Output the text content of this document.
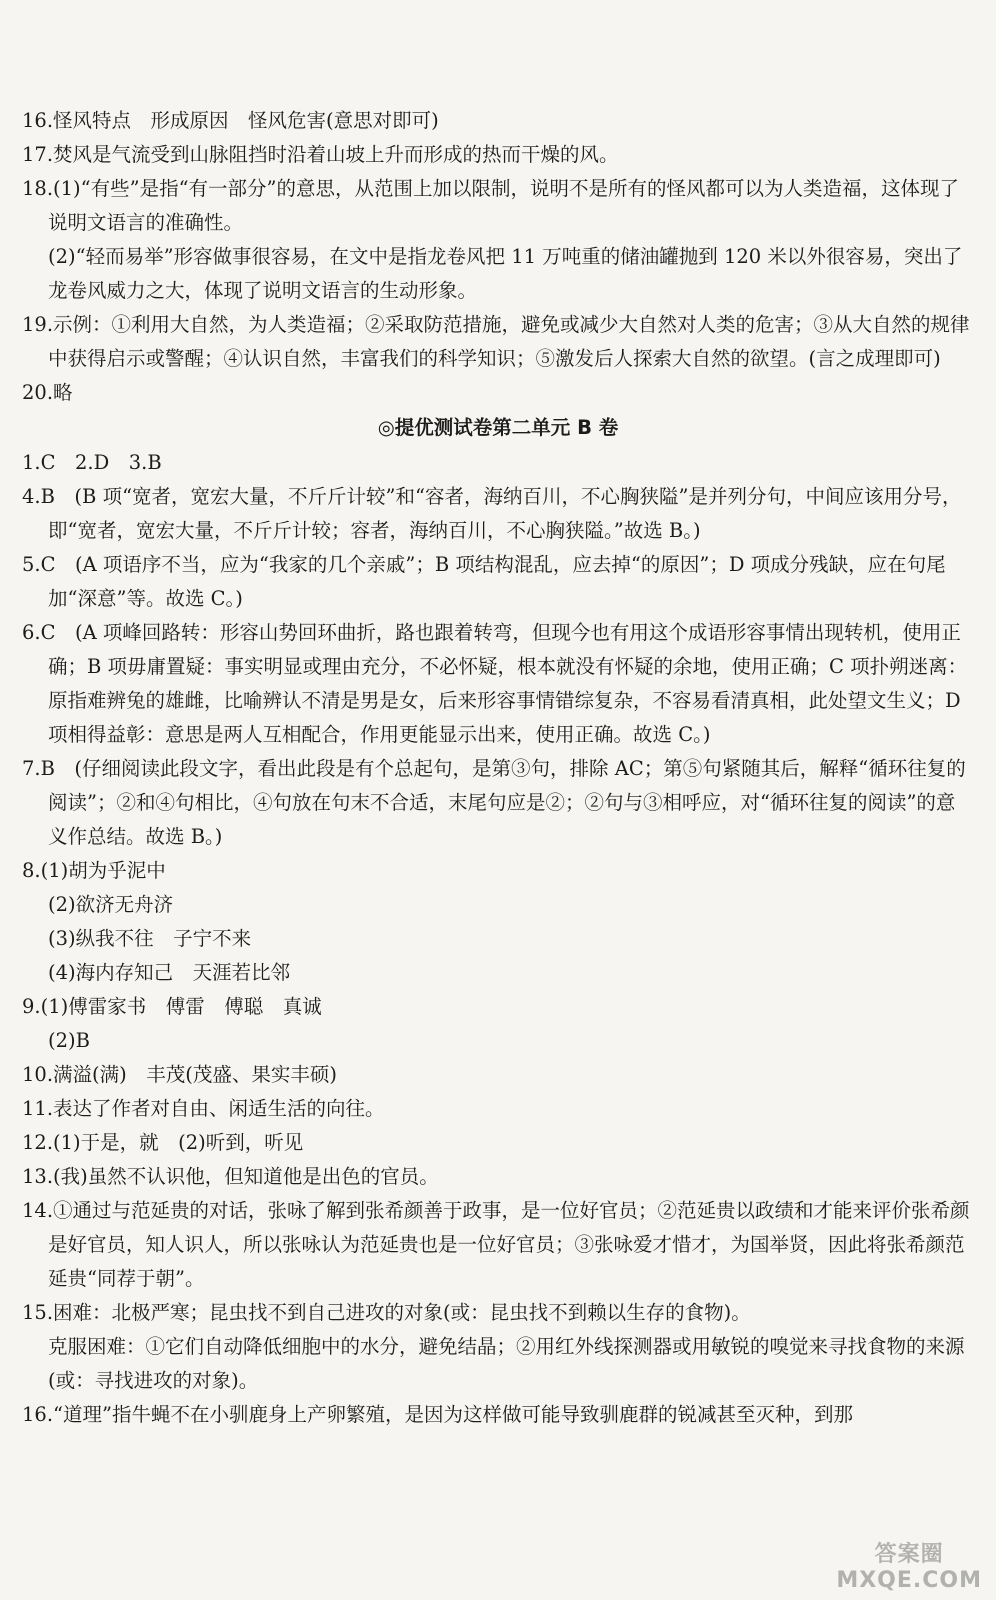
16.怪风特点　形成原因　怪风危害(意思对即可)

17.焚风是气流受到山脉阻挡时沿着山坡上升而形成的热而干燥的风。

18.(1)“有些”是指“有一部分”的意思，从范围上加以限制，说明不是所有的怪风都可以为人类造福，这体现了说明文语言的准确性。

(2)“轻而易举”形容做事很容易，在文中是指龙卷风把 11 万吨重的储油罐抛到 120 米以外很容易，突出了龙卷风威力之大，体现了说明文语言的生动形象。

19.示例：①利用大自然，为人类造福；②采取防范措施，避免或减少大自然对人类的危害；③从大自然的规律中获得启示或警醒；④认识自然，丰富我们的科学知识；⑤激发后人探索大自然的欲望。(言之成理即可)

20.略

◎提优测试卷第二单元 B 卷

1.C　2.D　3.B

4.B　(B 项“宽者，宽宏大量，不斤斤计较”和“容者，海纳百川，不心胸狭隘”是并列分句，中间应该用分号，即“宽者，宽宏大量，不斤斤计较；容者，海纳百川，不心胸狭隘。”故选 B。)

5.C　(A 项语序不当，应为“我家的几个亲戚”；B 项结构混乱，应去掉“的原因”；D 项成分残缺，应在句尾加“深意”等。故选 C。)

6.C　(A 项峰回路转：形容山势回环曲折，路也跟着转弯，但现今也有用这个成语形容事情出现转机，使用正确；B 项毋庸置疑：事实明显或理由充分，不必怀疑，根本就没有怀疑的余地，使用正确；C 项扑朔迷离：原指难辨兔的雄雌，比喻辨认不清是男是女，后来形容事情错综复杂，不容易看清真相，此处望文生义；D 项相得益彰：意思是两人互相配合，作用更能显示出来，使用正确。故选 C。)

7.B　(仔细阅读此段文字，看出此段是有个总起句，是第③句，排除 AC；第⑤句紧随其后，解释“循环往复的阅读”；②和④句相比，④句放在句末不合适，末尾句应是②；②句与③相呼应，对“循环往复的阅读”的意义作总结。故选 B。)

8.(1)胡为乎泥中

(2)欲济无舟济

(3)纵我不往　子宁不来

(4)海内存知己　天涯若比邻

9.(1)傅雷家书　傅雷　傅聪　真诚

(2)B

10.满溢(满)　丰茂(茂盛、果实丰硕)

11.表达了作者对自由、闲适生活的向往。

12.(1)于是，就　(2)听到，听见

13.(我)虽然不认识他，但知道他是出色的官员。

14.①通过与范延贵的对话，张咏了解到张希颜善于政事，是一位好官员；②范延贵以政绩和才能来评价张希颜是好官员，知人识人，所以张咏认为范延贵也是一位好官员；③张咏爱才惜才，为国举贤，因此将张希颜范延贵“同荐于朝”。

15.困难：北极严寒；昆虫找不到自己进攻的对象(或：昆虫找不到赖以生存的食物)。

克服困难：①它们自动降低细胞中的水分，避免结晶；②用红外线探测器或用敏锐的嗅觉来寻找食物的来源(或：寻找进攻的对象)。

16.“道理”指牛蝇不在小驯鹿身上产卵繁殖，是因为这样做可能导致驯鹿群的锐减甚至灭种，到那

答案圈
MXQE.COM
